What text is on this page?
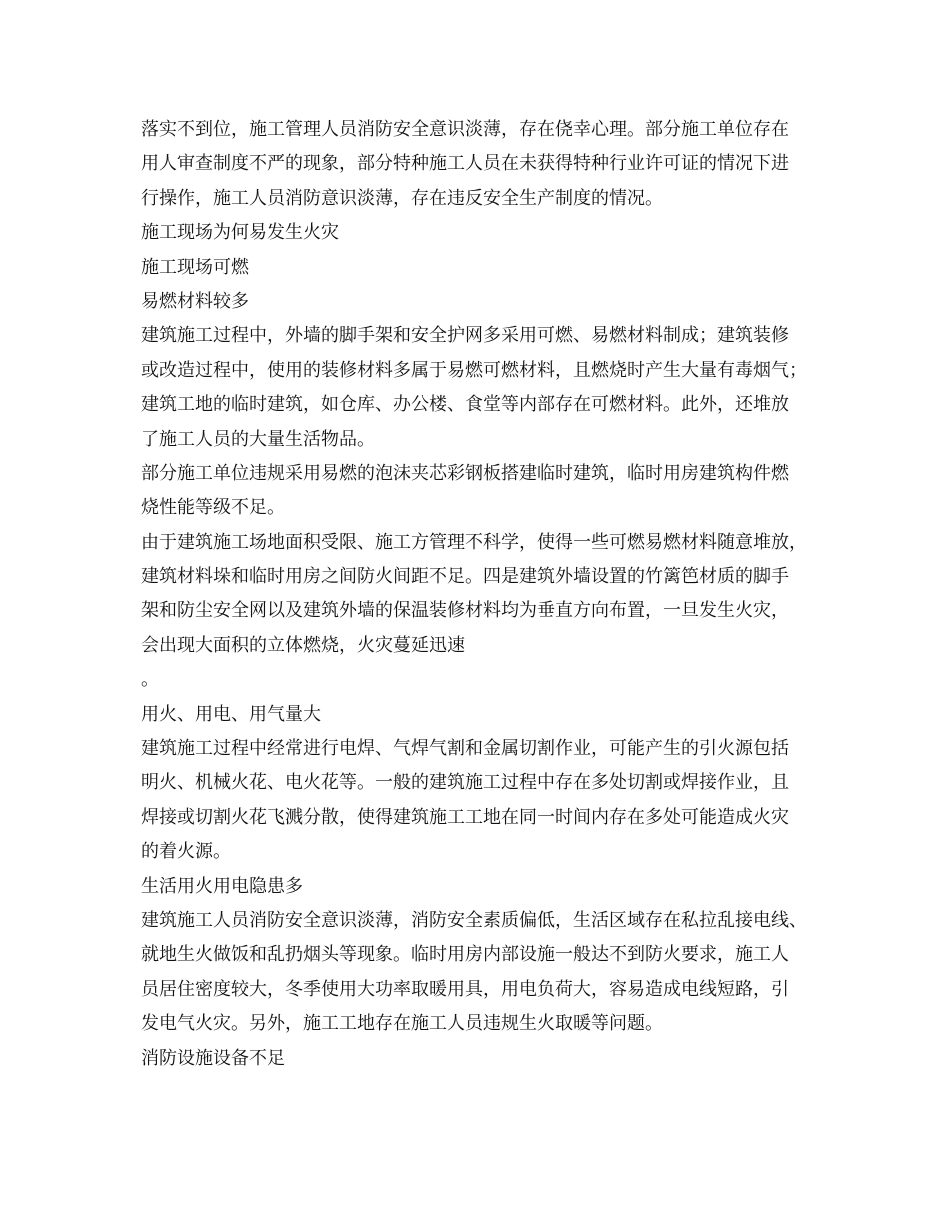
落实不到位，施工管理人员消防安全意识淡薄，存在侥幸心理。部分施工单位存在
用人审查制度不严的现象，部分特种施工人员在未获得特种行业许可证的情况下进
行操作，施工人员消防意识淡薄，存在违反安全生产制度的情况。
施工现场为何易发生火灾
施工现场可燃
易燃材料较多
建筑施工过程中，外墙的脚手架和安全护网多采用可燃、易燃材料制成；建筑装修
或改造过程中，使用的装修材料多属于易燃可燃材料，且燃烧时产生大量有毒烟气；
建筑工地的临时建筑，如仓库、办公楼、食堂等内部存在可燃材料。此外，还堆放
了施工人员的大量生活物品。
部分施工单位违规采用易燃的泡沫夹芯彩钢板搭建临时建筑，临时用房建筑构件燃
烧性能等级不足。
由于建筑施工场地面积受限、施工方管理不科学，使得一些可燃易燃材料随意堆放，
建筑材料垛和临时用房之间防火间距不足。四是建筑外墙设置的竹篱笆材质的脚手
架和防尘安全网以及建筑外墙的保温装修材料均为垂直方向布置，一旦发生火灾，
会出现大面积的立体燃烧，火灾蔓延迅速
。
用火、用电、用气量大
建筑施工过程中经常进行电焊、气焊气割和金属切割作业，可能产生的引火源包括
明火、机械火花、电火花等。一般的建筑施工过程中存在多处切割或焊接作业，且
焊接或切割火花飞溅分散，使得建筑施工工地在同一时间内存在多处可能造成火灾
的着火源。
生活用火用电隐患多
建筑施工人员消防安全意识淡薄，消防安全素质偏低，生活区域存在私拉乱接电线、
就地生火做饭和乱扔烟头等现象。临时用房内部设施一般达不到防火要求，施工人
员居住密度较大，冬季使用大功率取暖用具，用电负荷大，容易造成电线短路，引
发电气火灾。另外，施工工地存在施工人员违规生火取暖等问题。
消防设施设备不足
